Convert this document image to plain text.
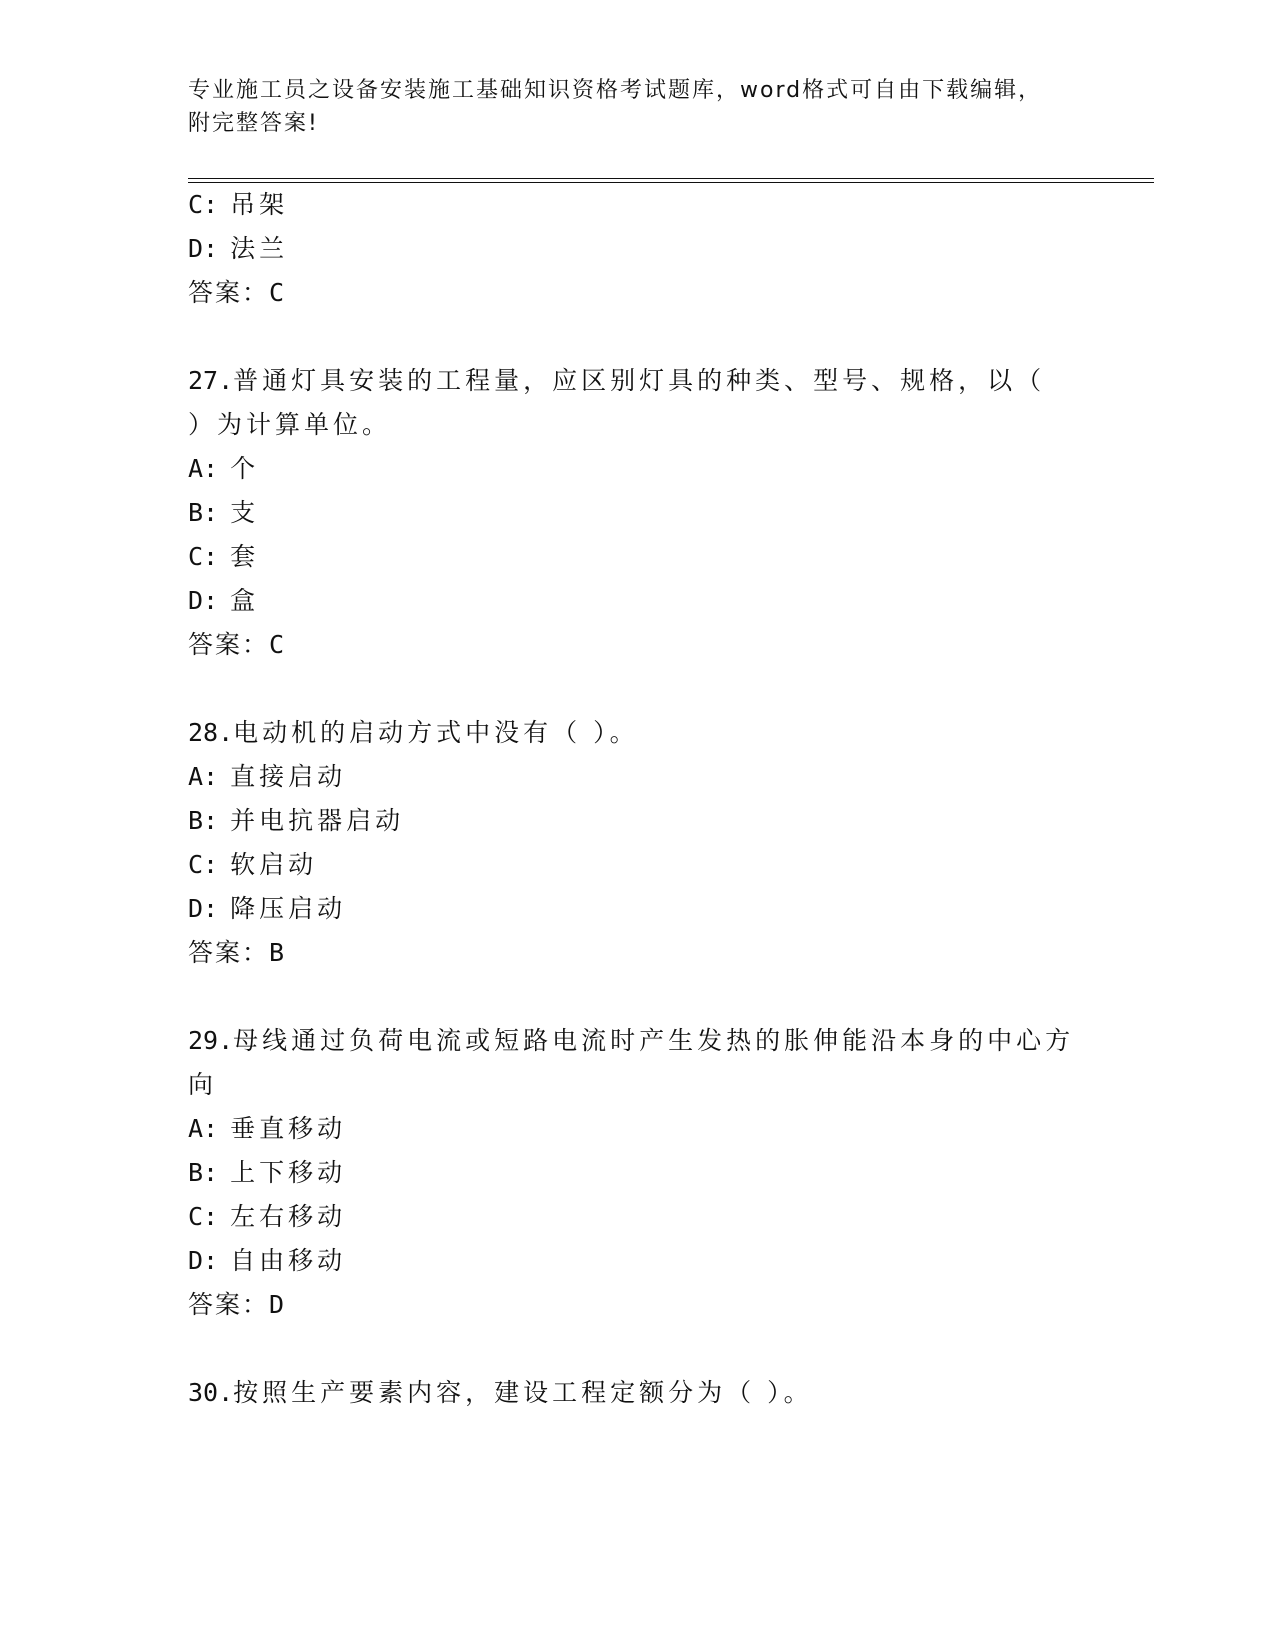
专业施工员之设备安装施工基础知识资格考试题库，word格式可自由下载编辑，
附完整答案!
C: 吊架
D: 法兰
答案：C
27.普通灯具安装的工程量，应区别灯具的种类、型号、规格，以（
）为计算单位。
A: 个
B: 支
C: 套
D: 盒
答案：C
28.电动机的启动方式中没有（ ）。
A: 直接启动
B: 并电抗器启动
C: 软启动
D: 降压启动
答案：B
29.母线通过负荷电流或短路电流时产生发热的胀伸能沿本身的中心方
向
A: 垂直移动
B: 上下移动
C: 左右移动
D: 自由移动
答案：D
30.按照生产要素内容，建设工程定额分为（ ）。
